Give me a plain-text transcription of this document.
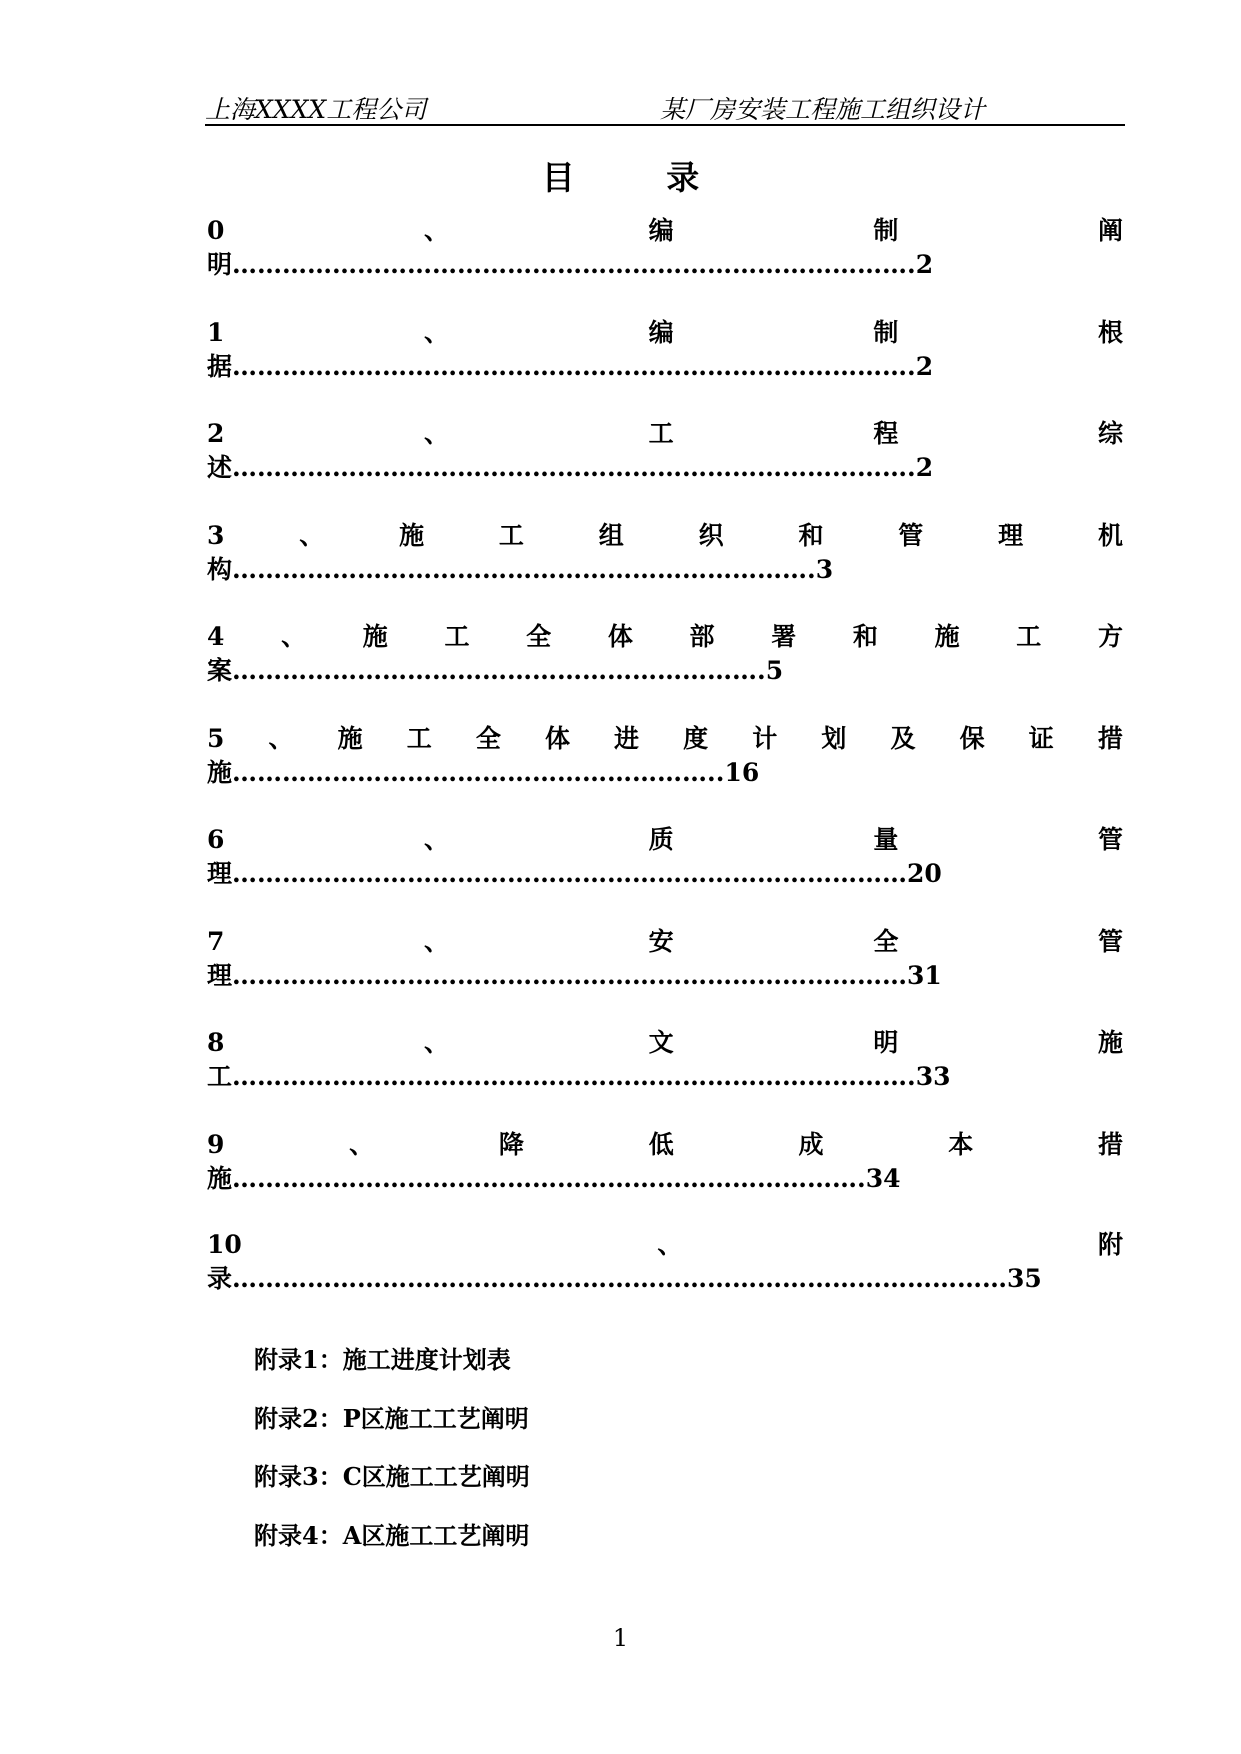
上海XXXX工程公司	某厂房安装工程施工组织设计
目 录
0	、	编	制	阐
明……………………………………………………………………….2
1	、	编	制	根
据……………………………………………………………………….2
2	、	工	程	综
述……………………………………………………………………….2
3	、	施	工	组	织	和	管	理	机
构…………………………………………………………….3
4 、 施 工 全 体 部 署 和 施 工 方
案……………………………………………………….5
5 、 施 工 全 体 进 度 计 划 及 保 证 措
施…………………………………………………..16
6	、	质	量	管
理………………………………………………………………………20
7	、	安	全	管
理………………………………………………………………………31
8	、	文	明	施
工……………………………………………………………………….33
9	、	降	低	成	本	措
施………………………………………………………………….34
10	、	附
录…………………………………………………………………………………35
附录1：施工进度计划表
附录2：P区施工工艺阐明
附录3：C区施工工艺阐明
附录4：A区施工工艺阐明
1
